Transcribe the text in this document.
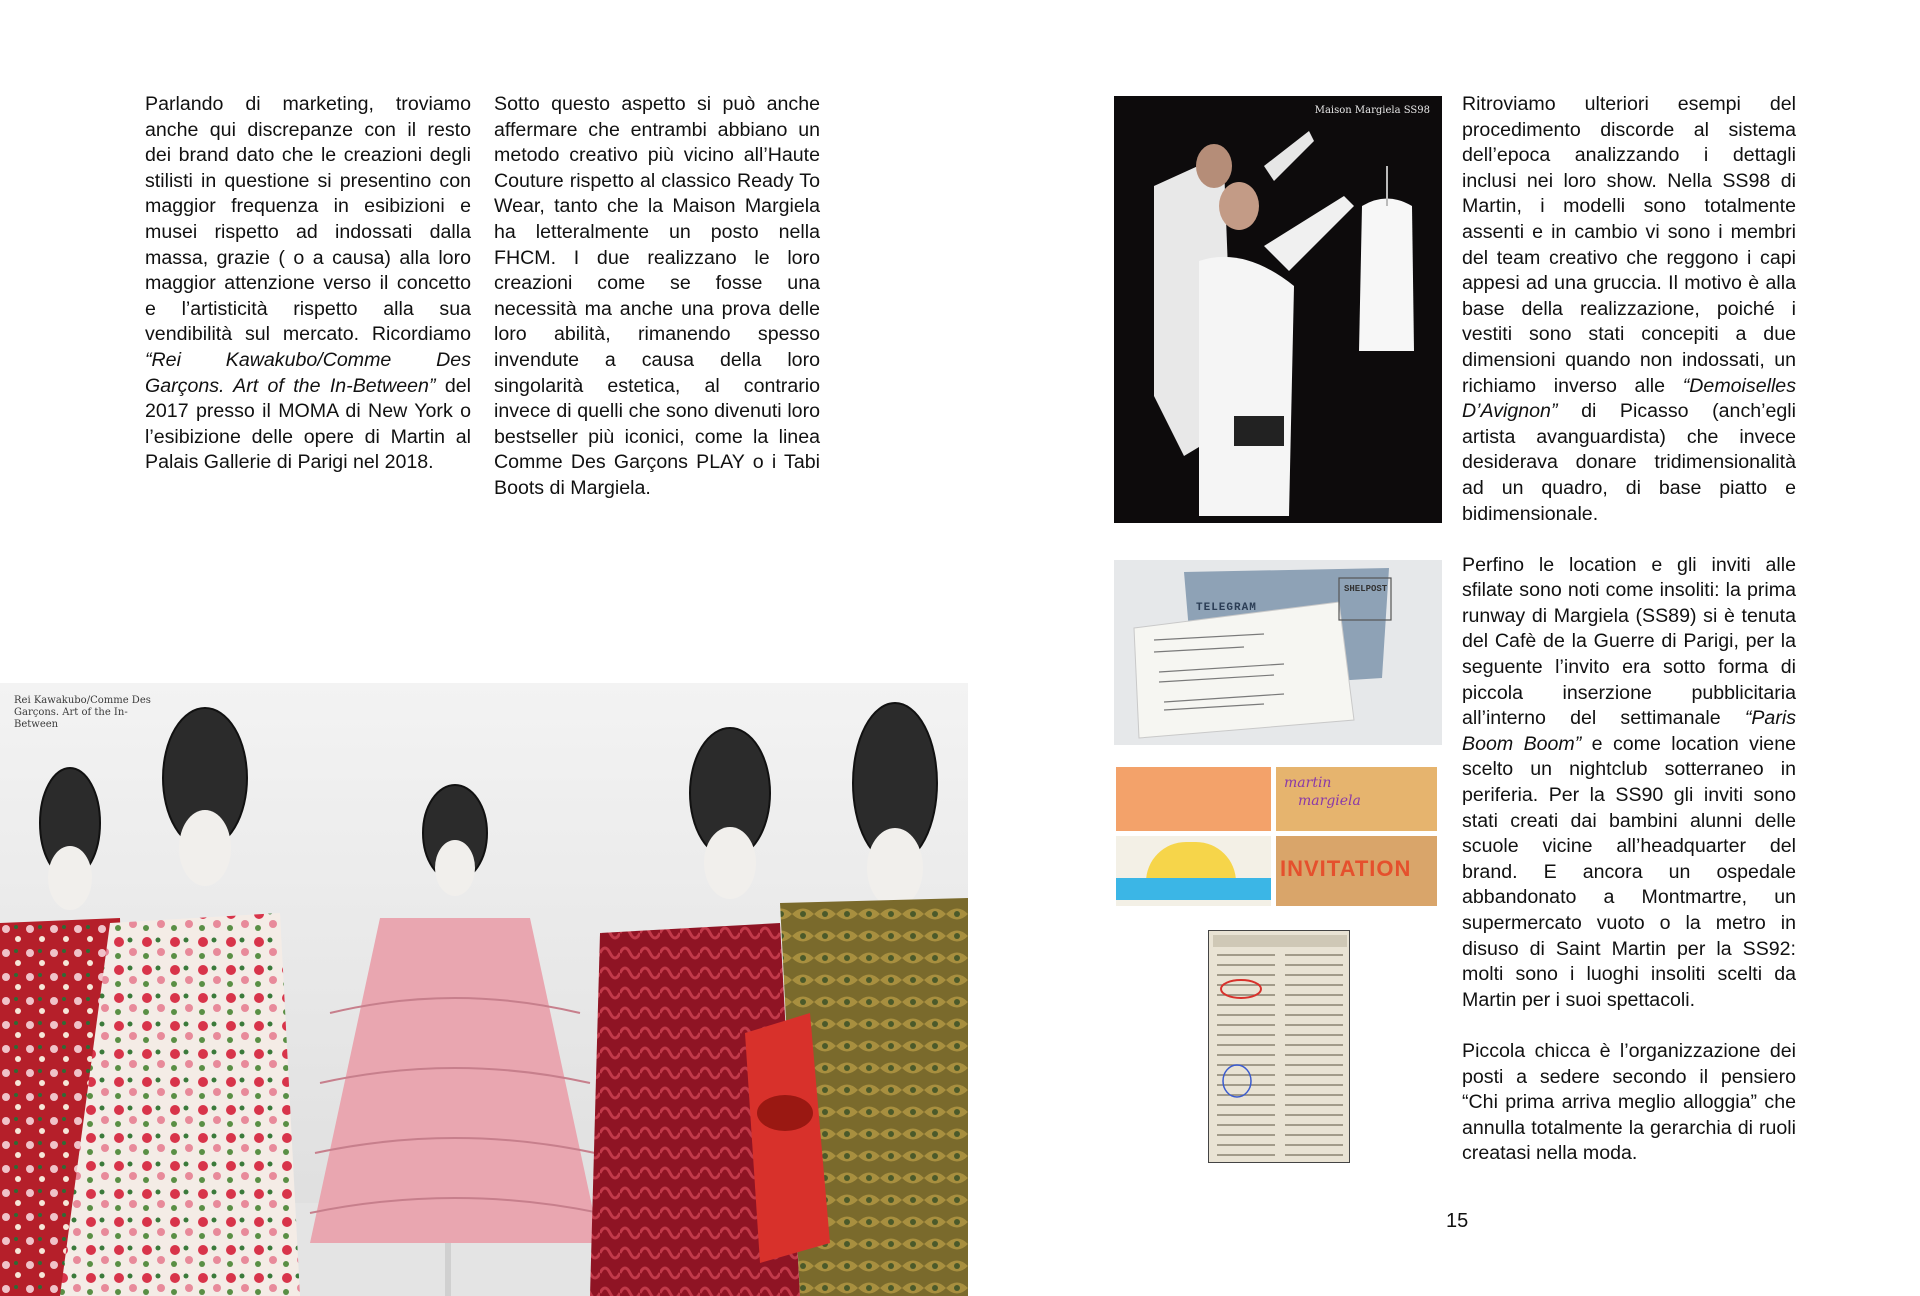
Parlando di marketing, troviamo anche qui discrepanze con il resto dei brand dato che le creazioni degli stilisti in questione si presentino con maggior frequenza in esibizioni e musei rispetto ad indossati dalla massa, grazie ( o a causa) alla loro maggior attenzione verso il concetto e l’artisticità rispetto alla sua vendibilità sul mercato. Ricordiamo “Rei Kawakubo/Comme Des Garçons. Art of the In-Between” del 2017 presso il MOMA di New York o l’esibizione delle opere di Martin al Palais Gallerie di Parigi nel 2018.

Sotto questo aspetto si può anche affermare che entrambi abbiano un metodo creativo più vicino all’Haute Couture rispetto al classico Ready To Wear, tanto che la Maison Margiela ha letteralmente un posto nella FHCM. I due realizzano le loro creazioni come se fosse una necessità ma anche una prova delle loro abilità, rimanendo spesso invendute a causa della loro singolarità estetica, al contrario invece di quelli che sono divenuti loro bestseller più iconici, come la linea Comme Des Garçons PLAY o i Tabi Boots di Margiela.

Rei Kawakubo/Comme Des Garçons. Art of the In-Between
Maison Margiela SS98
TELEGRAM
SHELPOST
martin
margiela
INVITATION

Ritroviamo ulteriori esempi del procedimento discorde al sistema dell’epoca analizzando i dettagli inclusi nei loro show. Nella SS98 di Martin, i modelli sono totalmente assenti e in cambio vi sono i membri del team creativo che reggono i capi appesi ad una gruccia. Il motivo è alla base della realizzazione, poiché i vestiti sono stati concepiti a due dimensioni quando non indossati, un richiamo inverso alle “Demoiselles D’Avignon” di Picasso (anch’egli artista avanguardista) che invece desiderava donare tridimensionalità ad un quadro, di base piatto e bidimensionale.

Perfino le location e gli inviti alle sfilate sono noti come insoliti: la prima runway di Margiela (SS89) si è tenuta del Cafè de la Guerre di Parigi, per la seguente l’invito era sotto forma di piccola inserzione pubblicitaria all’interno del settimanale “Paris Boom Boom” e come location viene scelto un nightclub sotterraneo in periferia. Per la SS90 gli inviti sono stati creati dai bambini alunni delle scuole vicine all’headquarter del brand. E ancora un ospedale abbandonato a Montmartre, un supermercato vuoto o la metro in disuso di Saint Martin per la SS92: molti sono i luoghi insoliti scelti da Martin per i suoi spettacoli.

Piccola chicca è l’organizzazione dei posti a sedere secondo il pensiero “Chi prima arriva meglio alloggia” che annulla totalmente la gerarchia di ruoli creatasi nella moda.

15
